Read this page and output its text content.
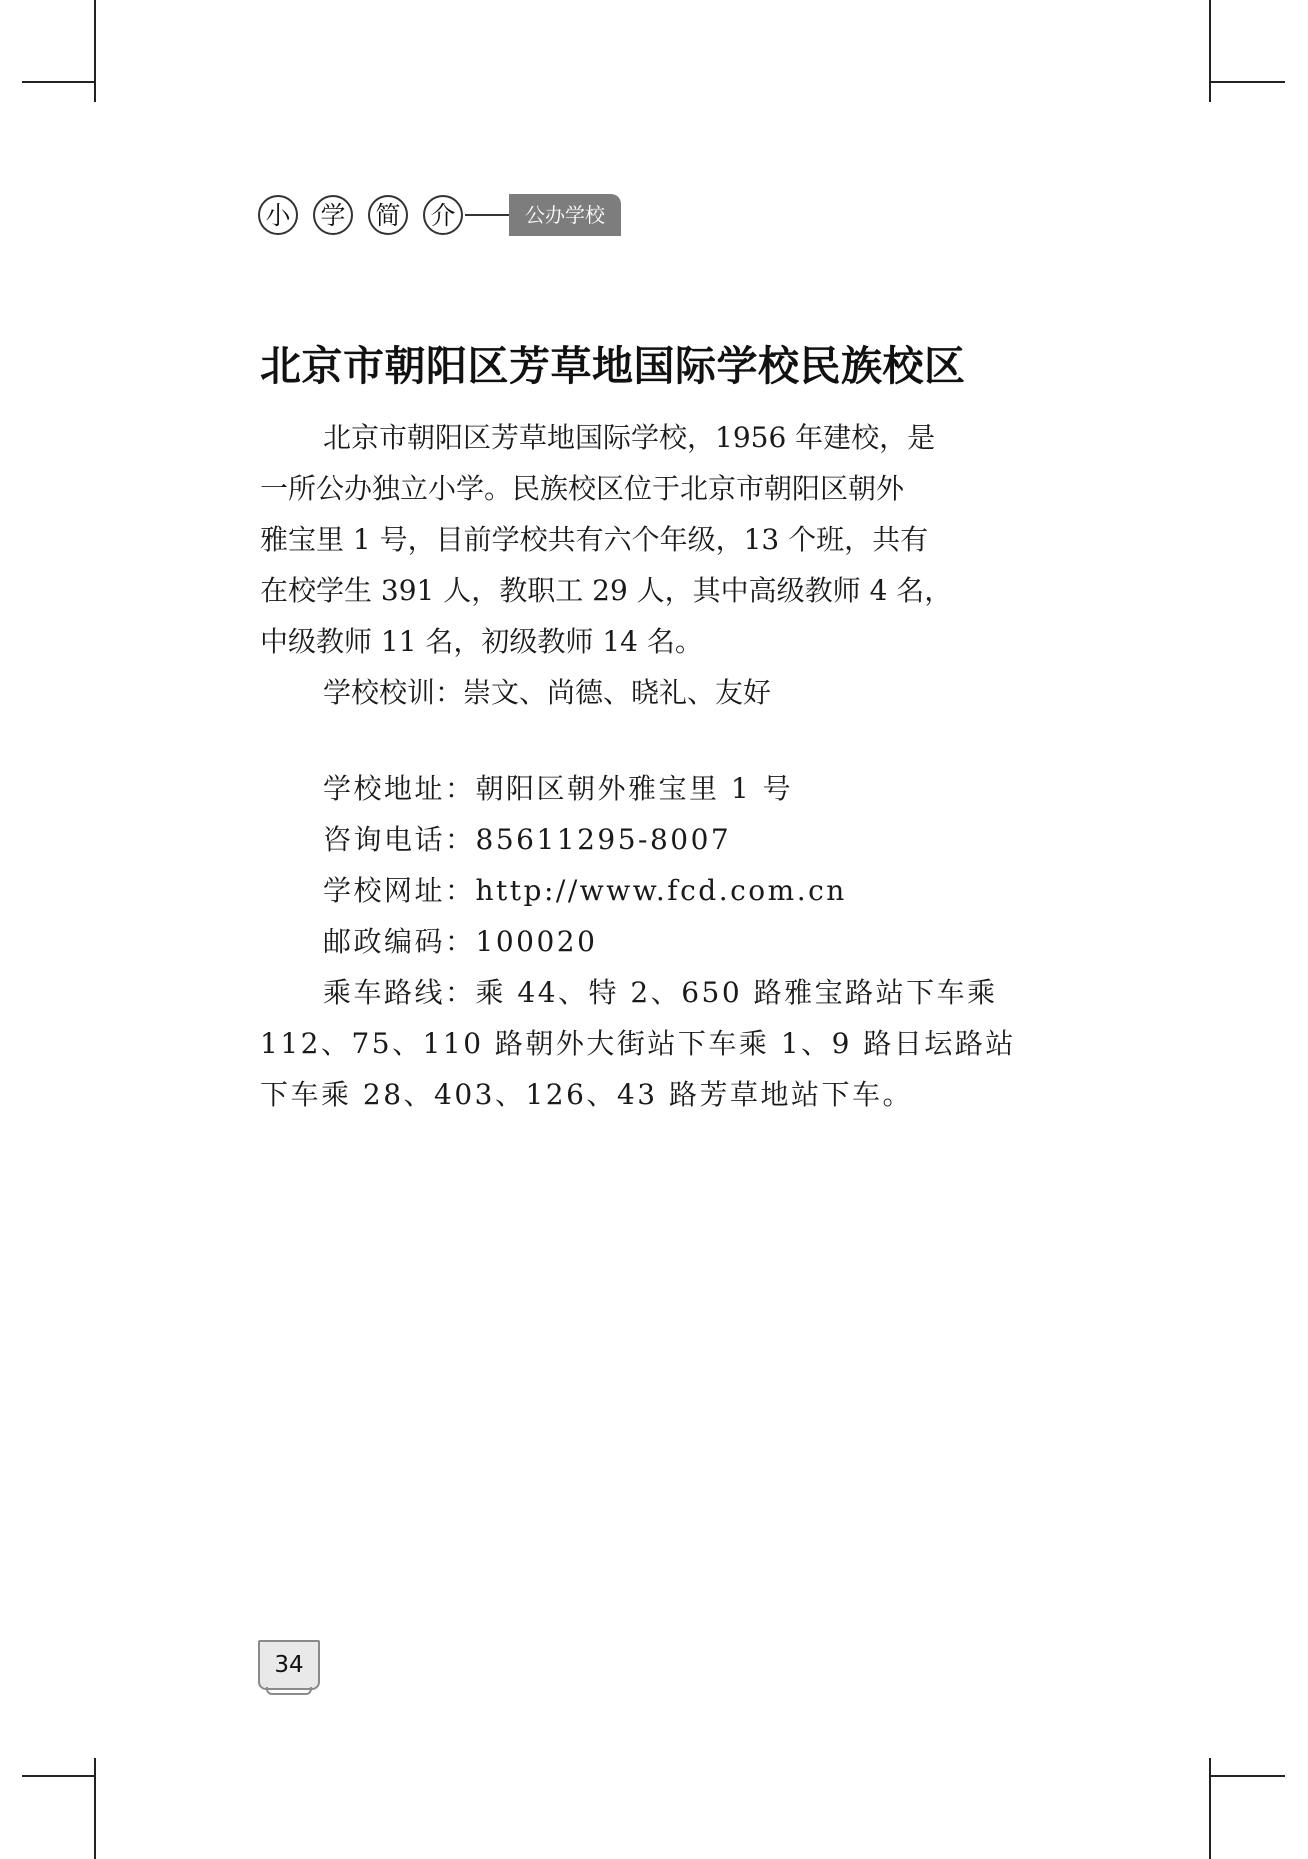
小	学	简	介	公办学校
北京市朝阳区芳草地国际学校民族校区
北京市朝阳区芳草地国际学校，1956 年建校，是
一所公办独立小学。民族校区位于北京市朝阳区朝外
雅宝里 1 号，目前学校共有六个年级，13 个班，共有
在校学生 391 人，教职工 29 人，其中高级教师 4 名，
中级教师 11 名，初级教师 14 名。
学校校训：崇文、尚德、晓礼、友好
学校地址：朝阳区朝外雅宝里 1 号
咨询电话：85611295-8007
学校网址：http://www.fcd.com.cn
邮政编码：100020
乘车路线：乘 44、特 2、650 路雅宝路站下车乘
112、75、110 路朝外大街站下车乘 1、9 路日坛路站
下车乘 28、403、126、43 路芳草地站下车。
34
